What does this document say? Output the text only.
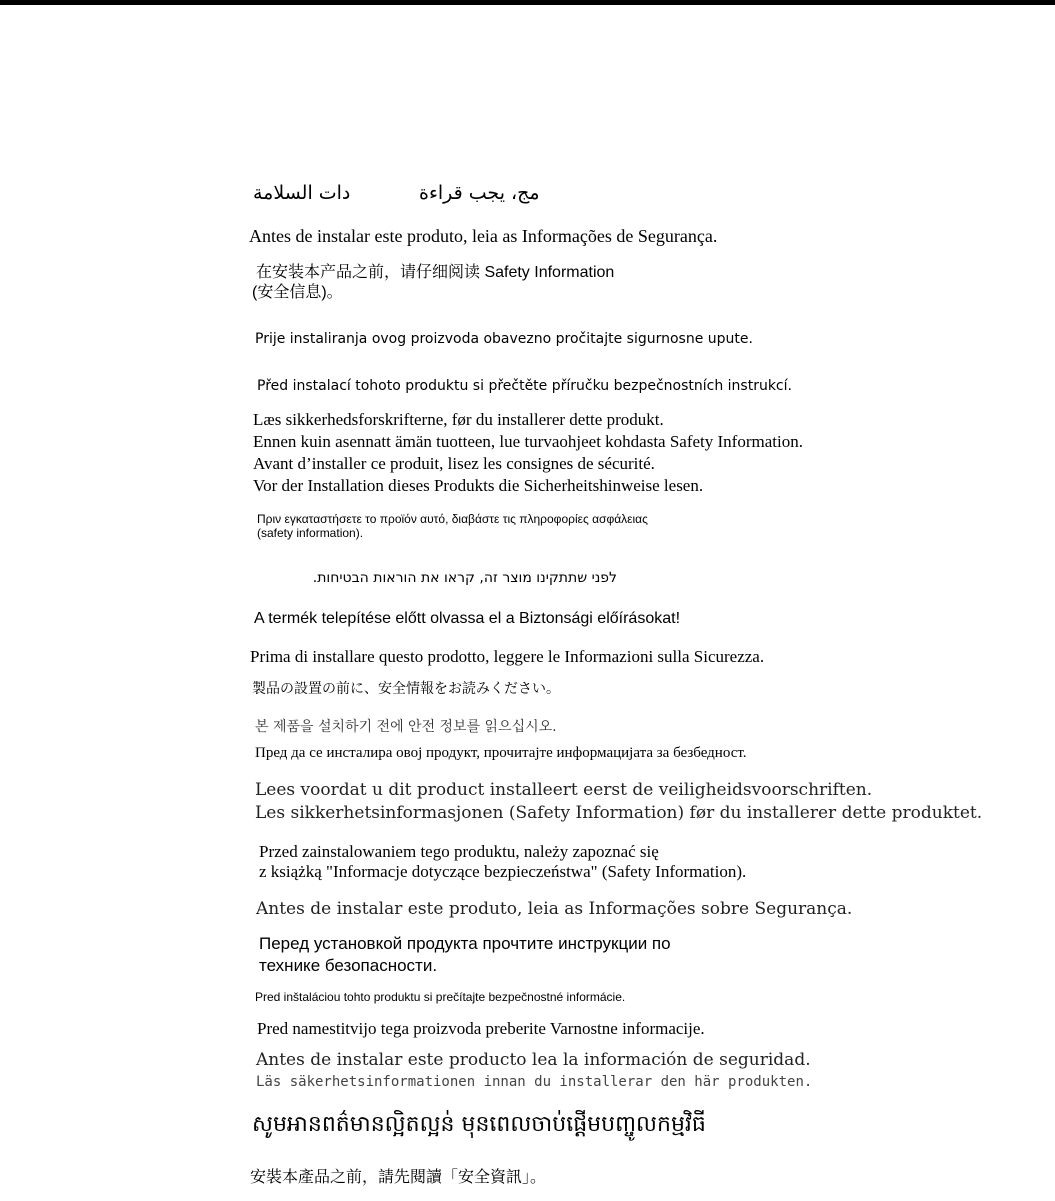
مج، يجب قراءة
دات السلامة
Antes de instalar este produto, leia as Informações de Segurança.
在安装本产品之前，请仔细阅读 Safety Information
(安全信息)。
Prije instaliranja ovog proizvoda obavezno pročitajte sigurnosne upute.
Před instalací tohoto produktu si přečtěte příručku bezpečnostních instrukcí.
Læs sikkerhedsforskrifterne, før du installerer dette produkt.
Ennen kuin asennatt ämän tuotteen, lue turvaohjeet kohdasta Safety Information.
Avant d’installer ce produit, lisez les consignes de sécurité.
Vor der Installation dieses Produkts die Sicherheitshinweise lesen.
Πριν εγκαταστήσετε το προϊόν αυτό, διαβάστε τις πληροφορίες ασφάλειας
(safety information).
לפני שתתקינו מוצר זה, קראו את הוראות הבטיחות.
A termék telepítése előtt olvassa el a Biztonsági előírásokat!
Prima di installare questo prodotto, leggere le Informazioni sulla Sicurezza.
製品の設置の前に、安全情報をお読みください。
본 제품을 설치하기 전에 안전 정보를 읽으십시오.
Пред да се инсталира овој продукт, прочитајте информацијата за безбедност.
Lees voordat u dit product installeert eerst de veiligheidsvoorschriften.
Les sikkerhetsinformasjonen (Safety Information) før du installerer dette produktet.
Przed zainstalowaniem tego produktu, należy zapoznać się
z książką "Informacje dotyczące bezpieczeństwa" (Safety Information).
Antes de instalar este produto, leia as Informações sobre Segurança.
Перед установкой продукта прочтите инструкции по
технике безопасности.
Pred inštaláciou tohto produktu si prečítajte bezpečnostné informácie.
Pred namestitvijo tega proizvoda preberite Varnostne informacije.
Antes de instalar este producto lea la información de seguridad.
Läs säkerhetsinformationen innan du installerar den här produkten.
សូមអានពត៌មានល្អិតល្អន់ មុនពេលចាប់ផ្តើមបញ្ចូលកម្មវិធី
安裝本產品之前，請先閱讀「安全資訊」。
